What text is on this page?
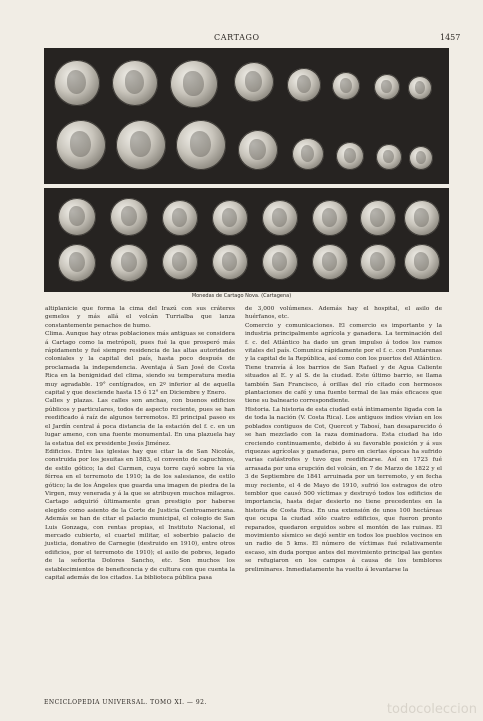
CARTAGO	1457
Monedas de Cartago Nova. (Cartagena)

altiplanicie que forma la cima del Irazú con sus cráteres gemelos y más allá el volcán Turrialba que lanza constantemente penachos de humo.

Clima. Aunque hay otras poblaciones más antiguas se considera á Cartago como la metrópoli, pues fué la que prosperó más rápidamente y fué siempre residencia de las altas autoridades coloniales y la capital del país, hasta poco después de proclamada la independencia. Aventaja á San José de Costa Rica en la benignidad del clima, siendo su temperatura media muy agradable. 19° centígrados, en 2º inferior al de aquella capital y que desciende hasta 15 ó 12° en Diciembre y Enero.

Calles y plazas. Las calles son anchas, con buenos edificios públicos y particulares, todos de aspecto reciente, pues se han reedificado á raíz de algunos terremotos. El principal paseo es el Jardín central á poca distancia de la estación del f. c. en un lugar ameno, con una fuente monumental. En una plazuela hay la estatua del ex presidente Jesús Jiménez.

Edificios. Entre las iglesias hay que citar la de San Nicolás, construida por los jesuitas en 1883, el convento de capuchinos, de estilo gótico; la del Carmen, cuya torre cayó sobre la vía férrea en el terremoto de 1910; la de los salesianos, de estilo gótico; la de los Ángeles que guarda una imagen de piedra de la Virgen, muy venerada y á la que se atribuyen muchos milagros. Cartago adquirió últimamente gran prestigio por haberse elegido como asiento de la Corte de Justicia Centroamericana. Además se han de citar el palacio municipal, el colegio de San Luis Gonzaga, con rentas propias, el Instituto Nacional, el mercado cubierto, el cuartel militar, el soberbio palacio de justicia, donativo de Carnegie (destruido en 1910), entre otros edificios, por el terremoto de 1910); el asilo de pobres, legado de la señorita Dolores Sancho, etc. Son muchos los establecimientos de beneficencia y de cultura con que cuenta la capital además de los citados. La biblioteca pública pasa

de 3,000 volúmenes. Además hay el hospital, el asilo de huérfanos, etc.

Comercio y comunicaciones. El comercio es importante y la industria principalmente agrícola y ganadera. La terminación del f. c. del Atlántico ha dado un gran impulso á todos los ramos vitales del país. Comunica rápidamente por el f. c. con Puntarenas y la capital de la República, así como con los puertos del Atlántico. Tiene tranvía á los barrios de San Rafael y de Agua Caliente situados al E. y al S. de la ciudad. Este último barrio, se llama también San Francisco, á orillas del río citado con hermosos plantaciones de café y una fuente termal de las más eficaces que tiene su balneario correspondiente.

Historia. La historia de esta ciudad está íntimamente ligada con la de toda la nación (V. Costa Rica). Los antiguos indios vivían en los poblados contiguos de Cot, Quercot y Tabosí, han desaparecido ó se han mezclado con la raza dominadora. Esta ciudad ha ido creciendo continuamente, debido á su favorable posición y á sus riquezas agrícolas y ganaderas, pero en ciertas épocas ha sufrido varias catástrofes y tuvo que reedificarse. Así en 1723 fué arrasada por una erupción del volcán, en 7 de Marzo de 1822 y el 3 de Septiembre de 1841 arruinada por un terremoto, y en fecha muy reciente, el 4 de Mayo de 1910, sufrió los estragos de otro temblor que causó 500 víctimas y destruyó todos los edificios de importancia, hasta dejar desierto no tiene precedentes en la historia de Costa Rica. En una extensión de unos 100 hectáreas que ocupa la ciudad sólo cuatro edificios, que fueron pronto reparados, quedaron erguidos sobre el montón de las ruinas. El movimiento sísmico se dejó sentir en todos los pueblos vecinos en un radio de 5 kms. El número de víctimas fué relativamente escaso, sin duda porque antes del movimiento principal las gentes se refugiaron en los campos á causa de los temblores preliminares. Inmediatamente ha vuelto á levantarse la

ENCICLOPEDIA UNIVERSAL. TOMO XI. — 92.	todocoleccion
